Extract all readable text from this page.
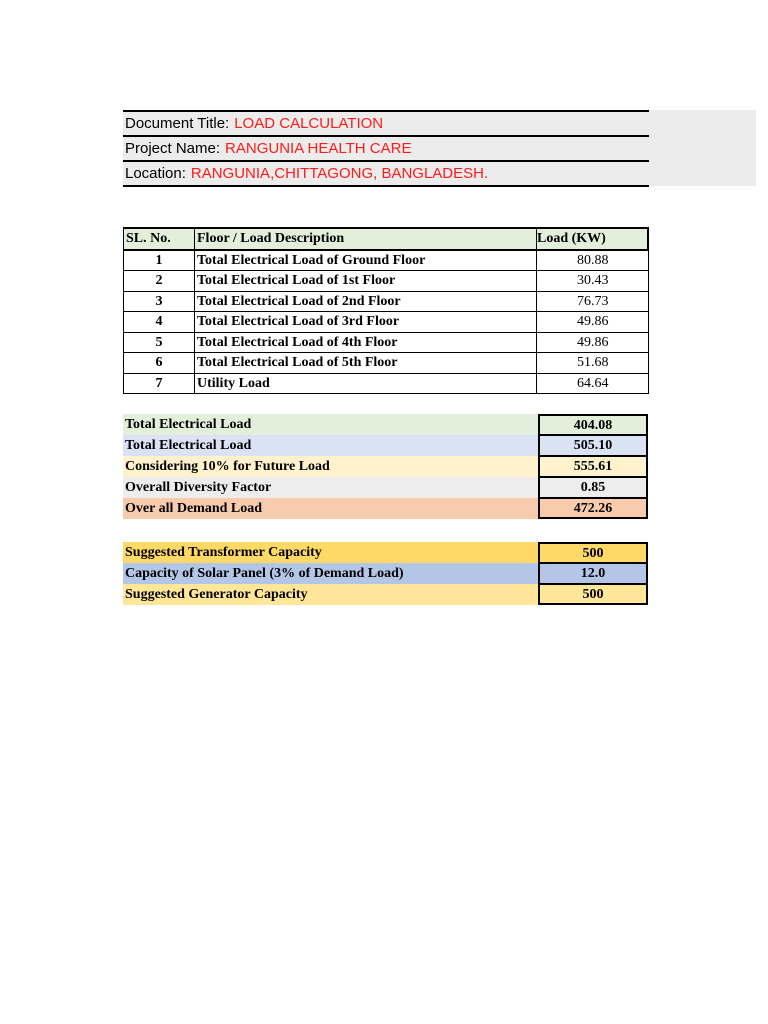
Document Title: LOAD CALCULATION
Project Name: RANGUNIA HEALTH CARE
Location: RANGUNIA,CHITTAGONG, BANGLADESH.
SL. No.	Floor / Load Description	Load (KW)
1	Total Electrical Load of Ground Floor	80.88
2	Total Electrical Load of 1st Floor	30.43
3	Total Electrical Load of 2nd Floor	76.73
4	Total Electrical Load of 3rd Floor	49.86
5	Total Electrical Load of 4th Floor	49.86
6	Total Electrical Load of 5th Floor	51.68
7	Utility Load	64.64
Total Electrical Load	404.08
Total Electrical Load	505.10
Considering 10% for Future Load	555.61
Overall Diversity Factor	0.85
Over all Demand Load	472.26
Suggested Transformer Capacity	500
Capacity of Solar Panel (3% of Demand Load)	12.0
Suggested Generator Capacity	500
